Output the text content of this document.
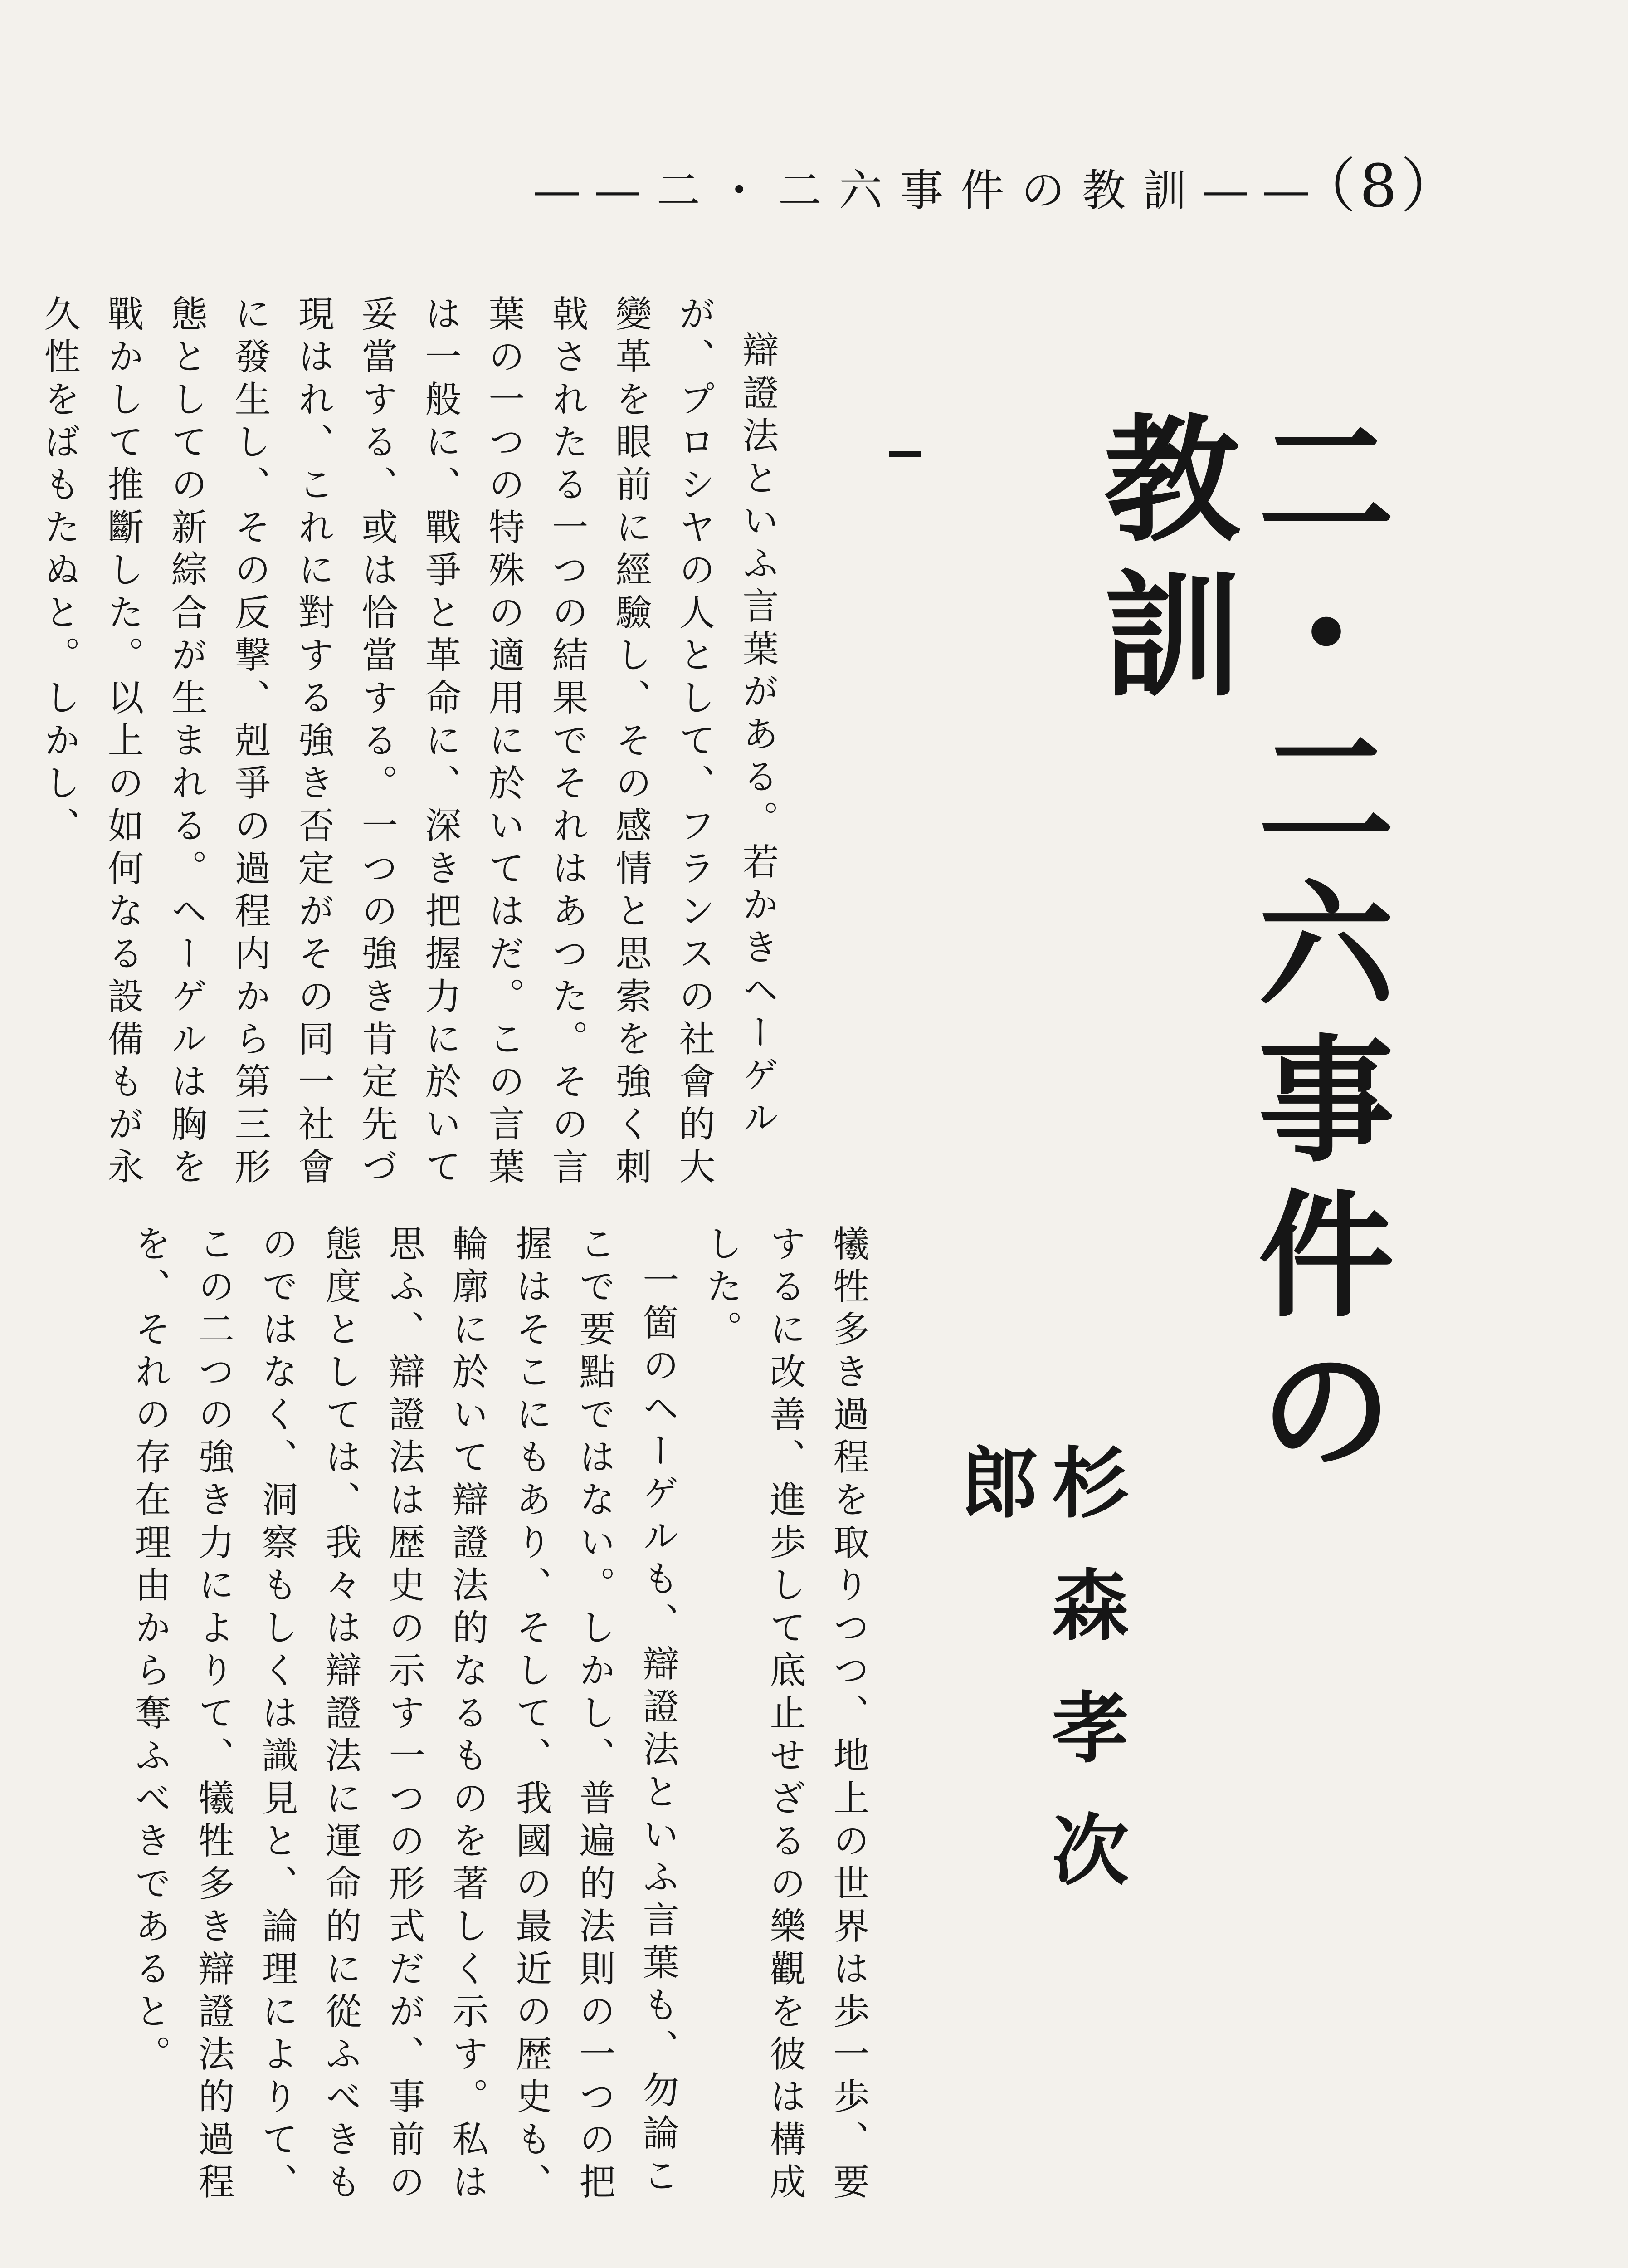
（8）
――二・二六事件の教訓――
二・二六事件の教訓
杉森孝次郎

辯證法といふ言葉がある。若かきヘーゲルが、プロシヤの人として、フランスの社會的大變革を眼前に經驗し、その感情と思索を強く刺戟されたる一つの結果でそれはあつた。その言葉の一つの特殊の適用に於いてはだ。この言葉は一般に、戰爭と革命に、深き把握力に於いて妥當する、或は恰當する。一つの強き肯定先づ現はれ、これに對する強き否定がその同一社會に發生し、その反撃、剋爭の過程内から第三形態としての新綜合が生まれる。ヘーゲルは胸を戰かして推斷した。以上の如何なる設備もが永久性をばもたぬと。しかし、

犧牲多き過程を取りつつ、地上の世界は歩一歩、要するに改善、進歩して底止せざるの樂觀を彼は構成した。

一箇のヘーゲルも、辯證法といふ言葉も、勿論ここで要點ではない。しかし、普遍的法則の一つの把握はそこにもあり、そして、我國の最近の歴史も、輪廓に於いて辯證法的なるものを著しく示す。私は思ふ、辯證法は歴史の示す一つの形式だが、事前の態度としては、我々は辯證法に運命的に從ふべきものではなく、洞察もしくは識見と、論理によりて、この二つの強き力によりて、犧牲多き辯證法的過程を、それの存在理由から奪ふべきであると。
